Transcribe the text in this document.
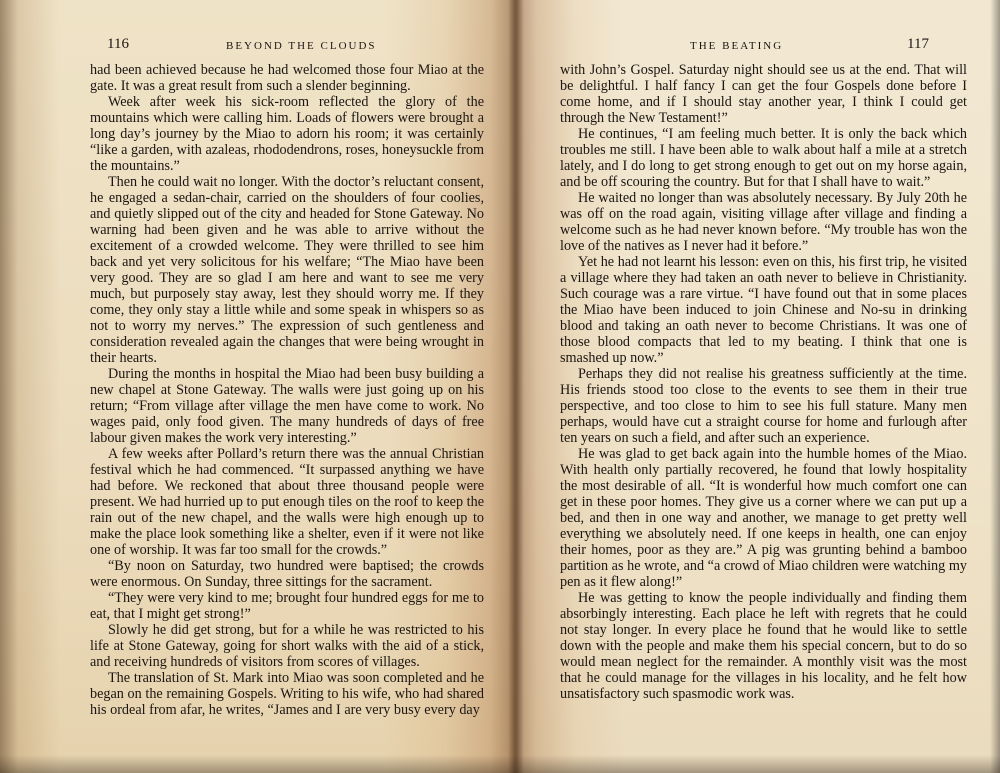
116	BEYOND THE CLOUDS

had been achieved because he had welcomed those four Miao at the gate. It was a great result from such a slender beginning.

Week after week his sick-room reflected the glory of the mountains which were calling him. Loads of flowers were brought a long day’s journey by the Miao to adorn his room; it was certainly “like a garden, with azaleas, rhododendrons, roses, honeysuckle from the mountains.”

Then he could wait no longer. With the doctor’s reluctant consent, he engaged a sedan-chair, carried on the shoulders of four coolies, and quietly slipped out of the city and headed for Stone Gateway. No warning had been given and he was able to arrive without the excitement of a crowded welcome. They were thrilled to see him back and yet very solicitous for his welfare; “The Miao have been very good. They are so glad I am here and want to see me very much, but purposely stay away, lest they should worry me. If they come, they only stay a little while and some speak in whispers so as not to worry my nerves.” The expression of such gentleness and consideration revealed again the changes that were being wrought in their hearts.

During the months in hospital the Miao had been busy building a new chapel at Stone Gateway. The walls were just going up on his return; “From village after village the men have come to work. No wages paid, only food given. The many hundreds of days of free labour given makes the work very interesting.”

A few weeks after Pollard’s return there was the annual Christian festival which he had commenced. “It surpassed anything we have had before. We reckoned that about three thousand people were present. We had hurried up to put enough tiles on the roof to keep the rain out of the new chapel, and the walls were high enough up to make the place look something like a shelter, even if it were not like one of worship. It was far too small for the crowds.”

“By noon on Saturday, two hundred were baptised; the crowds were enormous. On Sunday, three sittings for the sacrament.

“They were very kind to me; brought four hundred eggs for me to eat, that I might get strong!”

Slowly he did get strong, but for a while he was restricted to his life at Stone Gateway, going for short walks with the aid of a stick, and receiving hundreds of visitors from scores of villages.

The translation of St. Mark into Miao was soon completed and he began on the remaining Gospels. Writing to his wife, who had shared his ordeal from afar, he writes, “James and I are very busy every day

THE BEATING	117

with John’s Gospel. Saturday night should see us at the end. That will be delightful. I half fancy I can get the four Gospels done before I come home, and if I should stay another year, I think I could get through the New Testament!”

He continues, “I am feeling much better. It is only the back which troubles me still. I have been able to walk about half a mile at a stretch lately, and I do long to get strong enough to get out on my horse again, and be off scouring the country. But for that I shall have to wait.”

He waited no longer than was absolutely necessary. By July 20th he was off on the road again, visiting village after village and finding a welcome such as he had never known before. “My trouble has won the love of the natives as I never had it before.”

Yet he had not learnt his lesson: even on this, his first trip, he visited a village where they had taken an oath never to believe in Christianity. Such courage was a rare virtue. “I have found out that in some places the Miao have been induced to join Chinese and No-su in drinking blood and taking an oath never to become Christians. It was one of those blood compacts that led to my beating. I think that one is smashed up now.”

Perhaps they did not realise his greatness sufficiently at the time. His friends stood too close to the events to see them in their true perspective, and too close to him to see his full stature. Many men perhaps, would have cut a straight course for home and furlough after ten years on such a field, and after such an experience.

He was glad to get back again into the humble homes of the Miao. With health only partially recovered, he found that lowly hospitality the most desirable of all. “It is wonderful how much comfort one can get in these poor homes. They give us a corner where we can put up a bed, and then in one way and another, we manage to get pretty well everything we absolutely need. If one keeps in health, one can enjoy their homes, poor as they are.” A pig was grunting behind a bamboo partition as he wrote, and “a crowd of Miao children were watching my pen as it flew along!”

He was getting to know the people individually and finding them absorbingly interesting. Each place he left with regrets that he could not stay longer. In every place he found that he would like to settle down with the people and make them his special concern, but to do so would mean neglect for the remainder. A monthly visit was the most that he could manage for the villages in his locality, and he felt how unsatisfactory such spasmodic work was.
